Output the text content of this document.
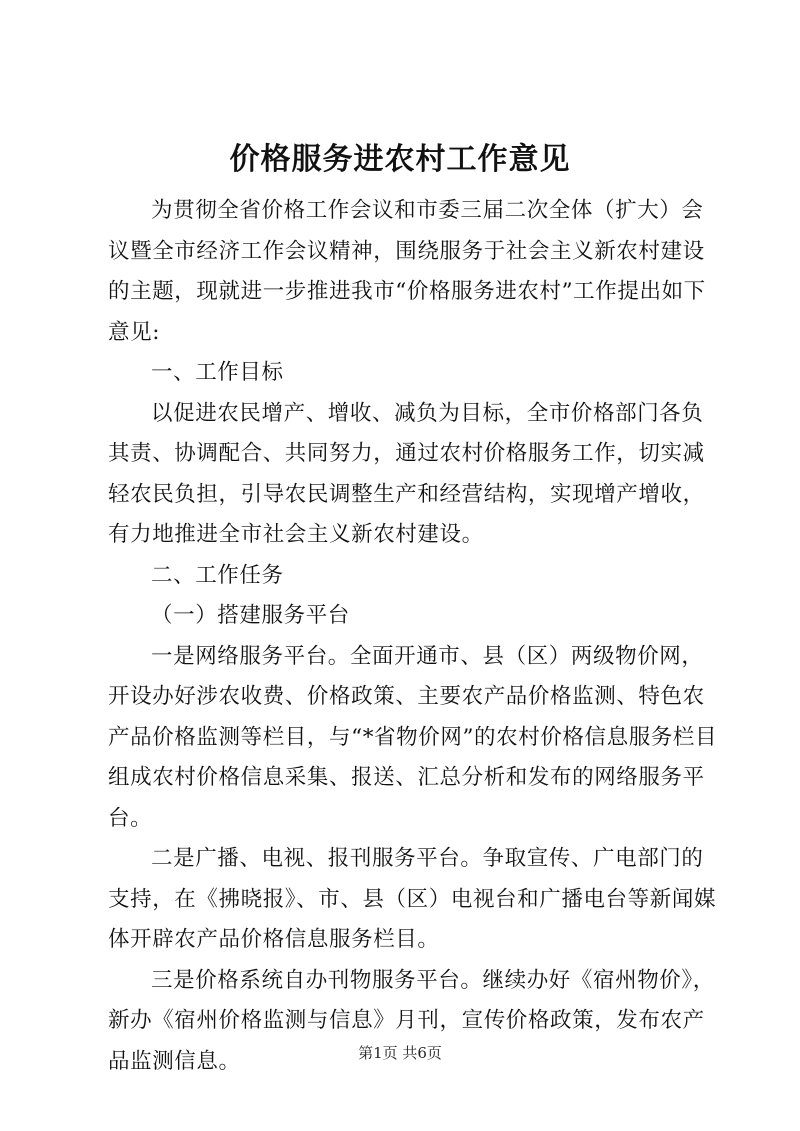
价格服务进农村工作意见

为贯彻全省价格工作会议和市委三届二次全体（扩大）会议暨全市经济工作会议精神，围绕服务于社会主义新农村建设的主题，现就进一步推进我市“价格服务进农村”工作提出如下意见:

一、工作目标

以促进农民增产、增收、减负为目标，全市价格部门各负其责、协调配合、共同努力，通过农村价格服务工作，切实减轻农民负担，引导农民调整生产和经营结构，实现增产增收，有力地推进全市社会主义新农村建设。

二、工作任务

（一）搭建服务平台

一是网络服务平台。全面开通市、县（区）两级物价网，开设办好涉农收费、价格政策、主要农产品价格监测、特色农产品价格监测等栏目，与“*省物价网”的农村价格信息服务栏目组成农村价格信息采集、报送、汇总分析和发布的网络服务平台。

二是广播、电视、报刊服务平台。争取宣传、广电部门的支持，在《拂晓报》、市、县（区）电视台和广播电台等新闻媒体开辟农产品价格信息服务栏目。

三是价格系统自办刊物服务平台。继续办好《宿州物价》，新办《宿州价格监测与信息》月刊，宣传价格政策，发布农产品监测信息。	第1页 共6页
